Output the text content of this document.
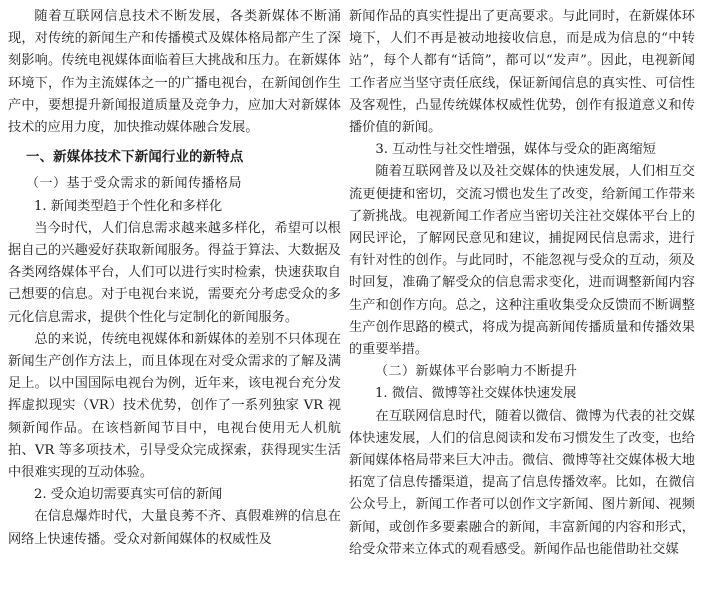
随着互联网信息技术不断发展，各类新媒体不断涌现，对传统的新闻生产和传播模式及媒体格局都产生了深刻影响。传统电视媒体面临着巨大挑战和压力。在新媒体环境下，作为主流媒体之一的广播电视台，在新闻创作生产中，要想提升新闻报道质量及竞争力，应加大对新媒体技术的应用力度，加快推动媒体融合发展。

一、新媒体技术下新闻行业的新特点
（一）基于受众需求的新闻传播格局
1. 新闻类型趋于个性化和多样化

当今时代，人们信息需求越来越多样化，希望可以根据自己的兴趣爱好获取新闻服务。得益于算法、大数据及各类网络媒体平台，人们可以进行实时检索，快速获取自己想要的信息。对于电视台来说，需要充分考虑受众的多元化信息需求，提供个性化与定制化的新闻服务。

总的来说，传统电视媒体和新媒体的差别不只体现在新闻生产创作方法上，而且体现在对受众需求的了解及满足上。以中国国际电视台为例，近年来，该电视台充分发挥虚拟现实（VR）技术优势，创作了一系列独家 VR 视频新闻作品。在该档新闻节目中，电视台使用无人机航拍、VR 等多项技术，引导受众完成探索，获得现实生活中很难实现的互动体验。

2. 受众迫切需要真实可信的新闻

在信息爆炸时代，大量良莠不齐、真假难辨的信息在网络上快速传播。受众对新闻媒体的权威性及

新闻作品的真实性提出了更高要求。与此同时，在新媒体环境下，人们不再是被动地接收信息，而是成为信息的“中转站”，每个人都有“话筒”，都可以“发声”。因此，电视新闻工作者应当坚守责任底线，保证新闻信息的真实性、可信性及客观性，凸显传统媒体权威性优势，创作有报道意义和传播价值的新闻。

3. 互动性与社交性增强，媒体与受众的距离缩短

随着互联网普及以及社交媒体的快速发展，人们相互交流更便捷和密切，交流习惯也发生了改变，给新闻工作带来了新挑战。电视新闻工作者应当密切关注社交媒体平台上的网民评论，了解网民意见和建议，捕捉网民信息需求，进行有针对性的创作。与此同时，不能忽视与受众的互动，须及时回复，准确了解受众的信息需求变化，进而调整新闻内容生产和创作方向。总之，这种注重收集受众反馈而不断调整生产创作思路的模式，将成为提高新闻传播质量和传播效果的重要举措。

（二）新媒体平台影响力不断提升
1. 微信、微博等社交媒体快速发展

在互联网信息时代，随着以微信、微博为代表的社交媒体快速发展，人们的信息阅读和发布习惯发生了改变，也给新闻媒体格局带来巨大冲击。微信、微博等社交媒体极大地拓宽了信息传播渠道，提高了信息传播效率。比如，在微信公众号上，新闻工作者可以创作文字新闻、图片新闻、视频新闻，或创作多要素融合的新闻，丰富新闻的内容和形式，给受众带来立体式的观看感受。新闻作品也能借助社交媒
